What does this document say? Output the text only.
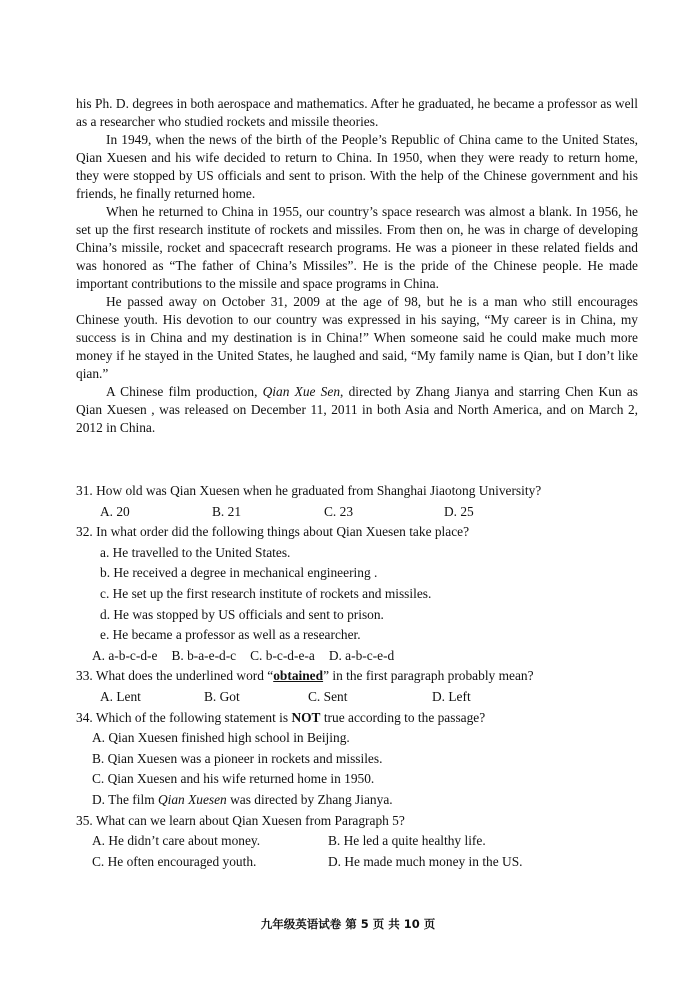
his Ph. D. degrees in both aerospace and mathematics. After he graduated, he became a professor as well as a researcher who studied rockets and missile theories.

In 1949, when the news of the birth of the People’s Republic of China came to the United States, Qian Xuesen and his wife decided to return to China. In 1950, when they were ready to return home, they were stopped by US officials and sent to prison. With the help of the Chinese government and his friends, he finally returned home.

When he returned to China in 1955, our country’s space research was almost a blank. In 1956, he set up the first research institute of rockets and missiles. From then on, he was in charge of developing China’s missile, rocket and spacecraft research programs. He was a pioneer in these related fields and was honored as “The father of China’s Missiles”. He is the pride of the Chinese people. He made important contributions to the missile and space programs in China.

He passed away on October 31, 2009 at the age of 98, but he is a man who still encourages Chinese youth. His devotion to our country was expressed in his saying, “My career is in China, my success is in China and my destination is in China!” When someone said he could make much more money if he stayed in the United States, he laughed and said, “My family name is Qian, but I don’t like qian.”

A Chinese film production, Qian Xue Sen, directed by Zhang Jianya and starring Chen Kun as Qian Xuesen , was released on December 11, 2011 in both Asia and North America, and on March 2, 2012 in China.

31. How old was Qian Xuesen when he graduated from Shanghai Jiaotong University?

A. 20	B. 21	C. 23	D. 25

32. In what order did the following things about Qian Xuesen take place?

a. He travelled to the United States.

b. He received a degree in mechanical engineering .

c. He set up the first research institute of rockets and missiles.

d. He was stopped by US officials and sent to prison.

e. He became a professor as well as a researcher.

A. a-b-c-d-e B. b-a-e-d-c C. b-c-d-e-a D. a-b-c-e-d

33. What does the underlined word “obtained” in the first paragraph probably mean?

A. Lent	B. Got	C. Sent	D. Left

34. Which of the following statement is NOT true according to the passage?

A. Qian Xuesen finished high school in Beijing.

B. Qian Xuesen was a pioneer in rockets and missiles.

C. Qian Xuesen and his wife returned home in 1950.

D. The film Qian Xuesen was directed by Zhang Jianya.

35. What can we learn about Qian Xuesen from Paragraph 5?

A. He didn’t care about money.	B. He led a quite healthy life.
C. He often encouraged youth.	D. He made much money in the US.
九年级英语试卷 第 5 页 共 10 页
